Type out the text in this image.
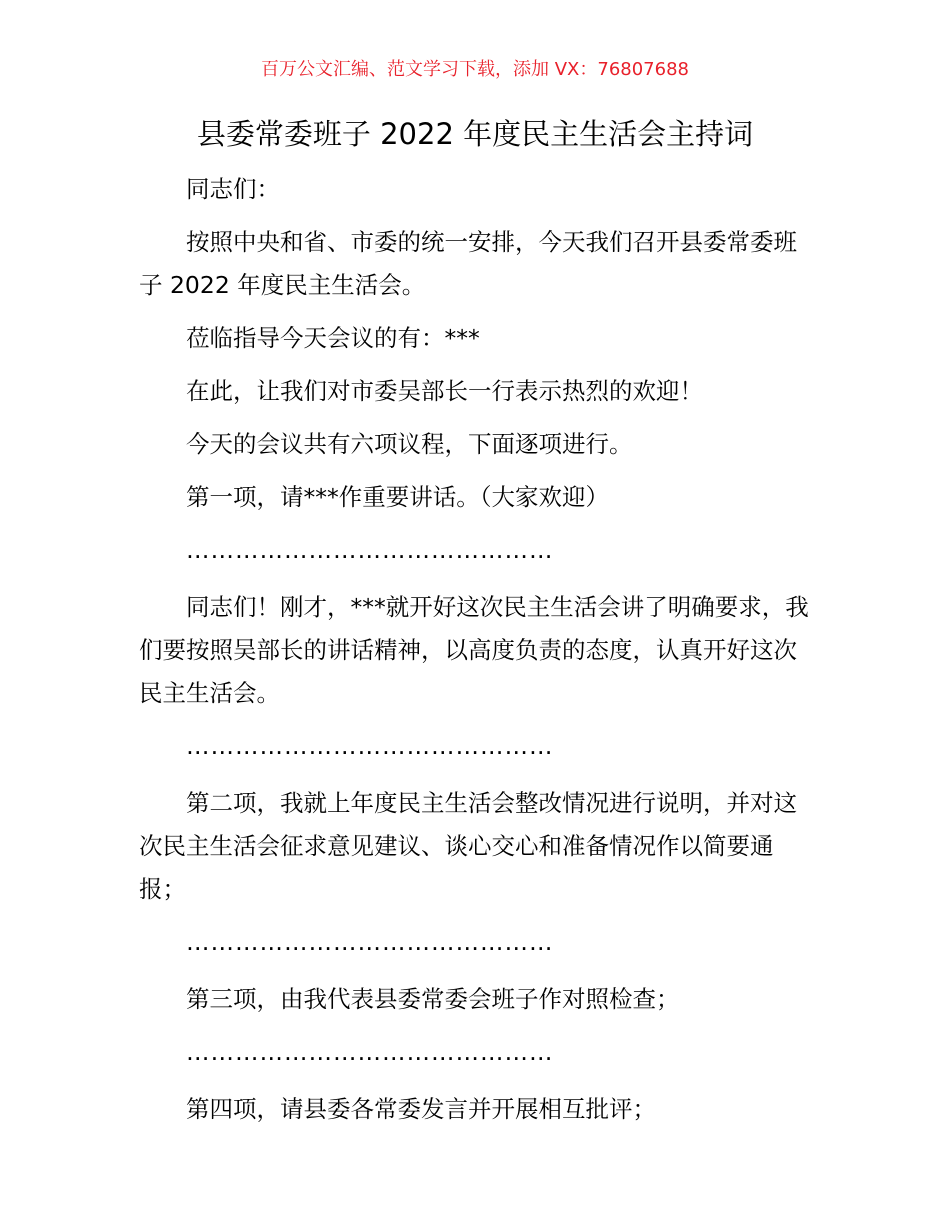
百万公文汇编、范文学习下载，添加 VX：76807688
县委常委班子 2022 年度民主生活会主持词

同志们：

按照中央和省、市委的统一安排，今天我们召开县委常委班子 2022 年度民主生活会。

莅临指导今天会议的有：***

在此，让我们对市委吴部长一行表示热烈的欢迎！

今天的会议共有六项议程，下面逐项进行。

第一项，请***作重要讲话。（大家欢迎）

………………………………………

同志们！刚才，***就开好这次民主生活会讲了明确要求，我们要按照吴部长的讲话精神，以高度负责的态度，认真开好这次民主生活会。

………………………………………

第二项，我就上年度民主生活会整改情况进行说明，并对这次民主生活会征求意见建议、谈心交心和准备情况作以简要通报；

………………………………………

第三项，由我代表县委常委会班子作对照检查；

………………………………………

第四项，请县委各常委发言并开展相互批评；
